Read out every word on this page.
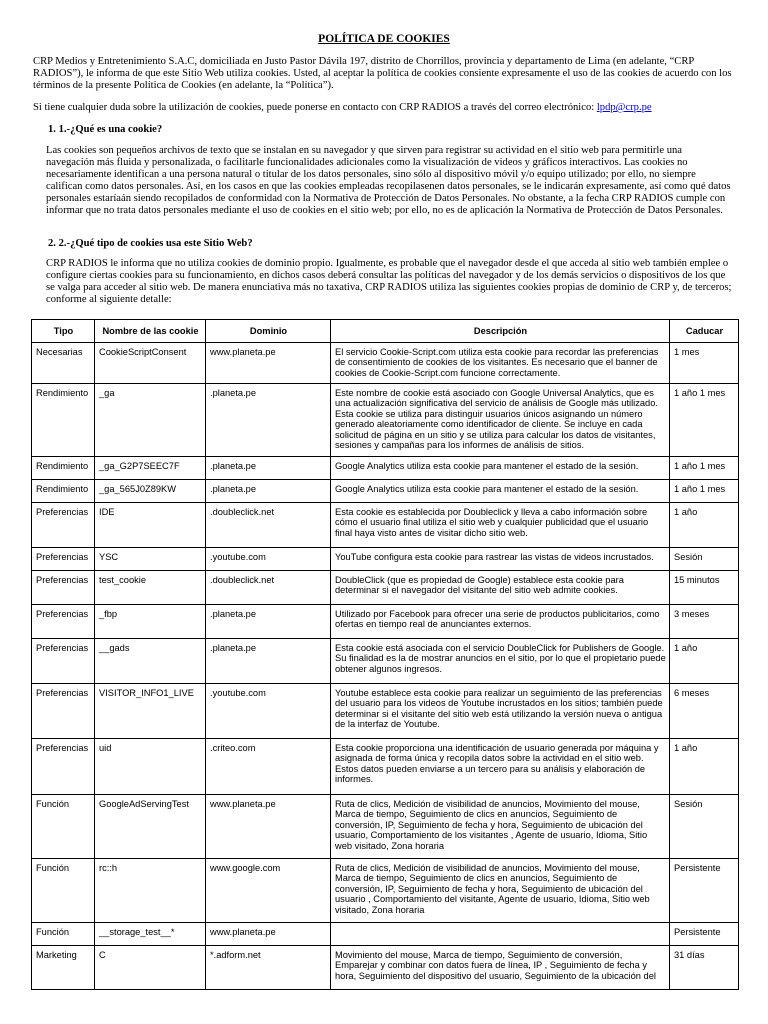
POLÍTICA DE COOKIES

CRP Medios y Entretenimiento S.A.C, domiciliada en Justo Pastor Dávila 197, distrito de Chorrillos, provincia y departamento de Lima (en adelante, “CRP RADIOS”), le informa de que este Sitio Web utiliza cookies. Usted, al aceptar la política de cookies consiente expresamente el uso de las cookies de acuerdo con los términos de la presente Política de Cookies (en adelante, la “Política”).

Si tiene cualquier duda sobre la utilización de cookies, puede ponerse en contacto con CRP RADIOS a través del correo electrónico: lpdp@crp.pe

1. 1.-¿Qué es una cookie?

Las cookies son pequeños archivos de texto que se instalan en su navegador y que sirven para registrar su actividad en el sitio web para permitirle una navegación más fluida y personalizada, o facilitarle funcionalidades adicionales como la visualización de videos y gráficos interactivos. Las cookies no necesariamente identifican a una persona natural o titular de los datos personales, sino sólo al dispositivo móvil y/o equipo utilizado; por ello, no siempre califican como datos personales. Así, en los casos en que las cookies empleadas recopilasenen datos personales, se le indicarán expresamente, así como qué datos personales estaríaán siendo recopilados de conformidad con la Normativa de Protección de Datos Personales. No obstante, a la fecha CRP RADIOS cumple con informar que no trata datos personales mediante el uso de cookies en el sitio web; por ello, no es de aplicación la Normativa de Protección de Datos Personales.

2. 2.-¿Qué tipo de cookies usa este Sitio Web?

CRP RADIOS le informa que no utiliza cookies de dominio propio. Igualmente, es probable que el navegador desde el que acceda al sitio web también emplee o configure ciertas cookies para su funcionamiento, en dichos casos deberá consultar las políticas del navegador y de los demás servicios o dispositivos de los que se valga para acceder al sitio web. De manera enunciativa más no taxativa, CRP RADIOS utiliza las siguientes cookies propias de dominio de CRP y, de terceros; conforme al siguiente detalle:

Tipo	Nombre de las cookie	Dominio	Descripción	Caducar
Necesarias	CookieScriptConsent	www.planeta.pe	El servicio Cookie-Script.com utiliza esta cookie para recordar las preferencias de consentimiento de cookies de los visitantes. Es necesario que el banner de cookies de Cookie-Script.com funcione correctamente.	1 mes
Rendimiento	_ga	.planeta.pe	Este nombre de cookie está asociado con Google Universal Analytics, que es una actualización significativa del servicio de análisis de Google más utilizado. Esta cookie se utiliza para distinguir usuarios únicos asignando un número generado aleatoriamente como identificador de cliente. Se incluye en cada solicitud de página en un sitio y se utiliza para calcular los datos de visitantes, sesiones y campañas para los informes de análisis de sitios.	1 año 1 mes
Rendimiento	_ga_G2P7SEEC7F	.planeta.pe	Google Analytics utiliza esta cookie para mantener el estado de la sesión.	1 año 1 mes
Rendimiento	_ga_565J0Z89KW	.planeta.pe	Google Analytics utiliza esta cookie para mantener el estado de la sesión.	1 año 1 mes
Preferencias	IDE	.doubleclick.net	Esta cookie es establecida por Doubleclick y lleva a cabo información sobre cómo el usuario final utiliza el sitio web y cualquier publicidad que el usuario final haya visto antes de visitar dicho sitio web.	1 año
Preferencias	YSC	.youtube.com	YouTube configura esta cookie para rastrear las vistas de videos incrustados.	Sesión
Preferencias	test_cookie	.doubleclick.net	DoubleClick (que es propiedad de Google) establece esta cookie para determinar si el navegador del visitante del sitio web admite cookies.	15 minutos
Preferencias	_fbp	.planeta.pe	Utilizado por Facebook para ofrecer una serie de productos publicitarios, como ofertas en tiempo real de anunciantes externos.	3 meses
Preferencias	__gads	.planeta.pe	Esta cookie está asociada con el servicio DoubleClick for Publishers de Google. Su finalidad es la de mostrar anuncios en el sitio, por lo que el propietario puede obtener algunos ingresos.	1 año
Preferencias	VISITOR_INFO1_LIVE	.youtube.com	Youtube establece esta cookie para realizar un seguimiento de las preferencias del usuario para los videos de Youtube incrustados en los sitios; también puede determinar si el visitante del sitio web está utilizando la versión nueva o antigua de la interfaz de Youtube.	6 meses
Preferencias	uid	.criteo.com	Esta cookie proporciona una identificación de usuario generada por máquina y asignada de forma única y recopila datos sobre la actividad en el sitio web. Estos datos pueden enviarse a un tercero para su análisis y elaboración de informes.	1 año
Función	GoogleAdServingTest	www.planeta.pe	Ruta de clics, Medición de visibilidad de anuncios, Movimiento del mouse, Marca de tiempo, Seguimiento de clics en anuncios, Seguimiento de conversión, IP, Seguimiento de fecha y hora, Seguimiento de ubicación del usuario, Comportamiento de los visitantes , Agente de usuario, Idioma, Sitio web visitado, Zona horaria	Sesión
Función	rc::h	www.google.com	Ruta de clics, Medición de visibilidad de anuncios, Movimiento del mouse, Marca de tiempo, Seguimiento de clics en anuncios, Seguimiento de conversión, IP, Seguimiento de fecha y hora, Seguimiento de ubicación del usuario , Comportamiento del visitante, Agente de usuario, Idioma, Sitio web visitado, Zona horaria	Persistente
Función	__storage_test__*	www.planeta.pe		Persistente
Marketing	C	*.adform.net	Movimiento del mouse, Marca de tiempo, Seguimiento de conversión, Emparejar y combinar con datos fuera de línea, IP , Seguimiento de fecha y hora, Seguimiento del dispositivo del usuario, Seguimiento de la ubicación del	31 días
